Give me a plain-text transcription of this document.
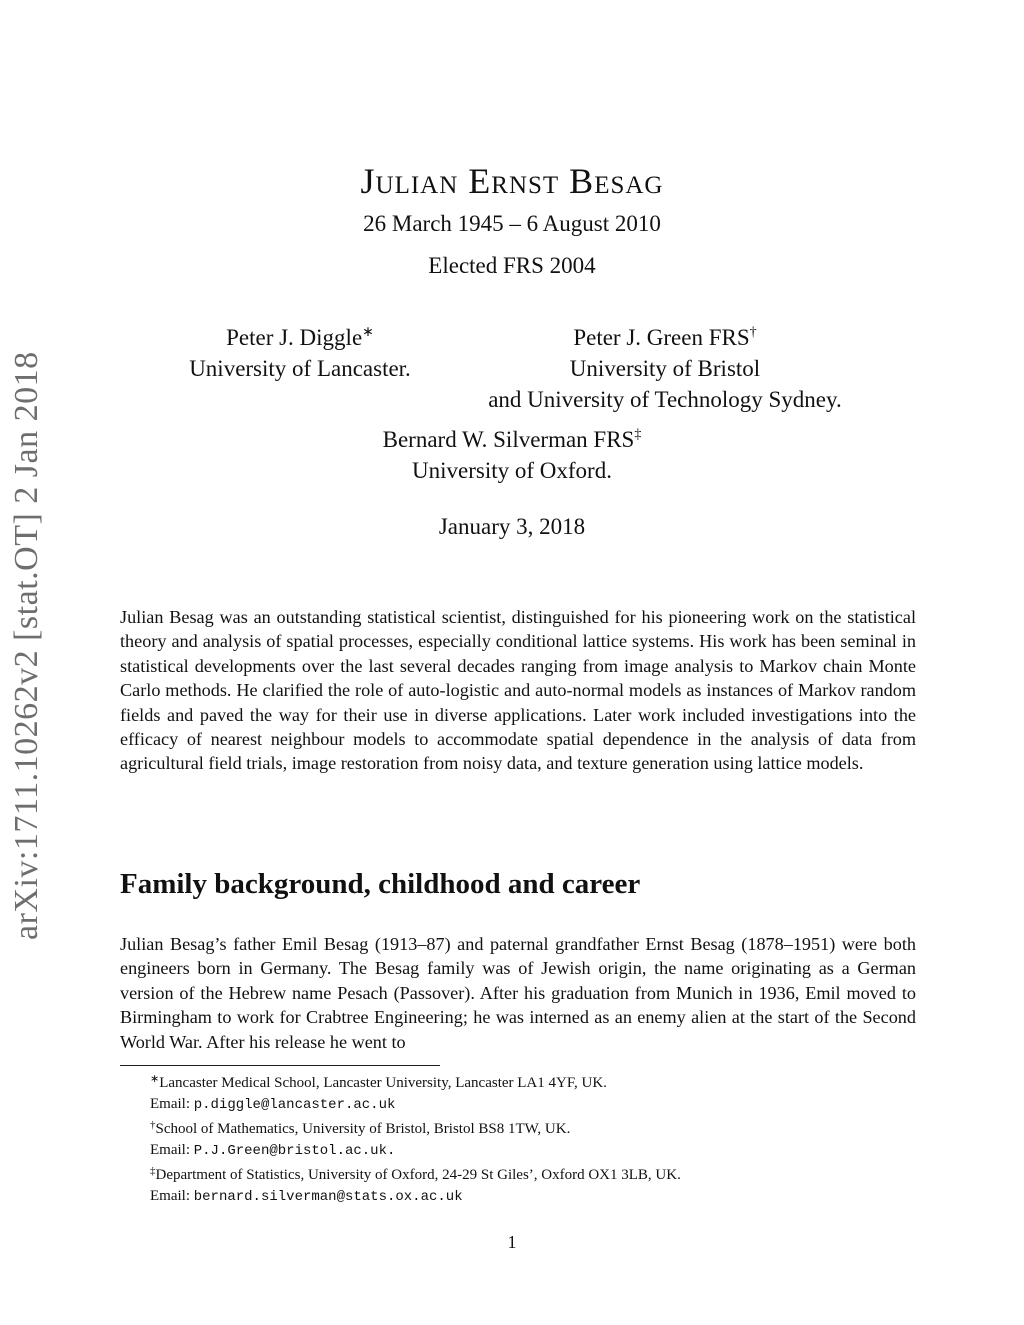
arXiv:1711.10262v2 [stat.OT] 2 Jan 2018
Julian Ernst Besag
26 March 1945 – 6 August 2010
Elected FRS 2004
Peter J. Diggle∗
University of Lancaster.
Peter J. Green FRS†
University of Bristol
and University of Technology Sydney.
Bernard W. Silverman FRS‡
University of Oxford.
January 3, 2018

Julian Besag was an outstanding statistical scientist, distinguished for his pioneering work on the statistical theory and analysis of spatial processes, especially conditional lattice systems. His work has been seminal in statistical developments over the last several decades ranging from image analysis to Markov chain Monte Carlo methods. He clarified the role of auto-logistic and auto-normal models as instances of Markov random fields and paved the way for their use in diverse applications. Later work included investigations into the efficacy of nearest neighbour models to accommodate spatial dependence in the analysis of data from agricultural field trials, image restoration from noisy data, and texture generation using lattice models.

Family background, childhood and career

Julian Besag’s father Emil Besag (1913–87) and paternal grandfather Ernst Besag (1878–1951) were both engineers born in Germany. The Besag family was of Jewish origin, the name originating as a German version of the Hebrew name Pesach (Passover). After his graduation from Munich in 1936, Emil moved to Birmingham to work for Crabtree Engineering; he was interned as an enemy alien at the start of the Second World War. After his release he went to

∗Lancaster Medical School, Lancaster University, Lancaster LA1 4YF, UK.
Email: p.diggle@lancaster.ac.uk
†School of Mathematics, University of Bristol, Bristol BS8 1TW, UK.
Email: P.J.Green@bristol.ac.uk.
‡Department of Statistics, University of Oxford, 24-29 St Giles’, Oxford OX1 3LB, UK.
Email: bernard.silverman@stats.ox.ac.uk
1
